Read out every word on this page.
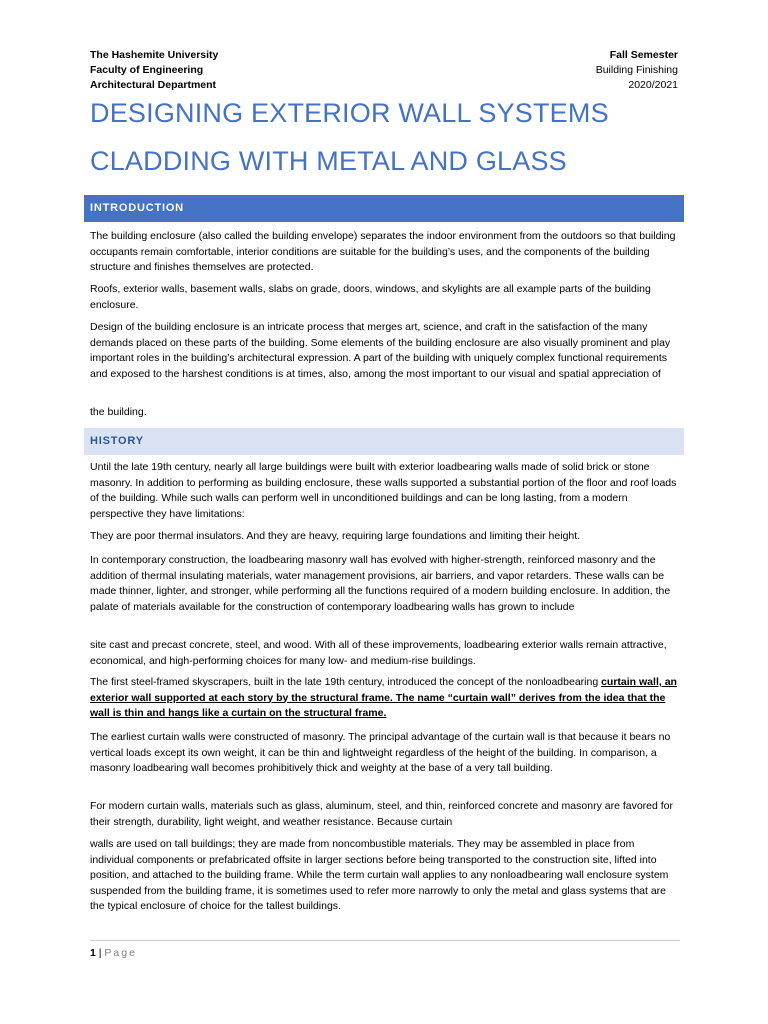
The Hashemite University
Faculty of Engineering
Architectural Department
Fall Semester
Building Finishing
2020/2021
DESIGNING EXTERIOR WALL SYSTEMS
CLADDING WITH METAL AND GLASS
INTRODUCTION

The building enclosure (also called the building envelope) separates the indoor environment from the outdoors so that building occupants remain comfortable, interior conditions are suitable for the building’s uses, and the components of the building structure and finishes themselves are protected.

Roofs, exterior walls, basement walls, slabs on grade, doors, windows, and skylights are all example parts of the building enclosure.

Design of the building enclosure is an intricate process that merges art, science, and craft in the satisfaction of the many demands placed on these parts of the building. Some elements of the building enclosure are also visually prominent and play important roles in the building’s architectural expression. A part of the building with uniquely complex functional requirements and exposed to the harshest conditions is at times, also, among the most important to our visual and spatial appreciation of

the building.

HISTORY

Until the late 19th century, nearly all large buildings were built with exterior loadbearing walls made of solid brick or stone masonry. In addition to performing as building enclosure, these walls supported a substantial portion of the floor and roof loads of the building. While such walls can perform well in unconditioned buildings and can be long lasting, from a modern perspective they have limitations:

They are poor thermal insulators. And they are heavy, requiring large foundations and limiting their height.

In contemporary construction, the loadbearing masonry wall has evolved with higher-strength, reinforced masonry and the addition of thermal insulating materials, water management provisions, air barriers, and vapor retarders. These walls can be made thinner, lighter, and stronger, while performing all the functions required of a modern building enclosure. In addition, the palate of materials available for the construction of contemporary loadbearing walls has grown to include

site cast and precast concrete, steel, and wood. With all of these improvements, loadbearing exterior walls remain attractive, economical, and high-performing choices for many low- and medium-rise buildings.

The first steel-framed skyscrapers, built in the late 19th century, introduced the concept of the nonloadbearing curtain wall, an exterior wall supported at each story by the structural frame. The name “curtain wall” derives from the idea that the wall is thin and hangs like a curtain on the structural frame.

The earliest curtain walls were constructed of masonry. The principal advantage of the curtain wall is that because it bears no vertical loads except its own weight, it can be thin and lightweight regardless of the height of the building. In comparison, a masonry loadbearing wall becomes prohibitively thick and weighty at the base of a very tall building.

For modern curtain walls, materials such as glass, aluminum, steel, and thin, reinforced concrete and masonry are favored for their strength, durability, light weight, and weather resistance. Because curtain

walls are used on tall buildings; they are made from noncombustible materials. They may be assembled in place from individual components or prefabricated offsite in larger sections before being transported to the construction site, lifted into position, and attached to the building frame. While the term curtain wall applies to any nonloadbearing wall enclosure system suspended from the building frame, it is sometimes used to refer more narrowly to only the metal and glass systems that are the typical enclosure of choice for the tallest buildings.

1 | Page
